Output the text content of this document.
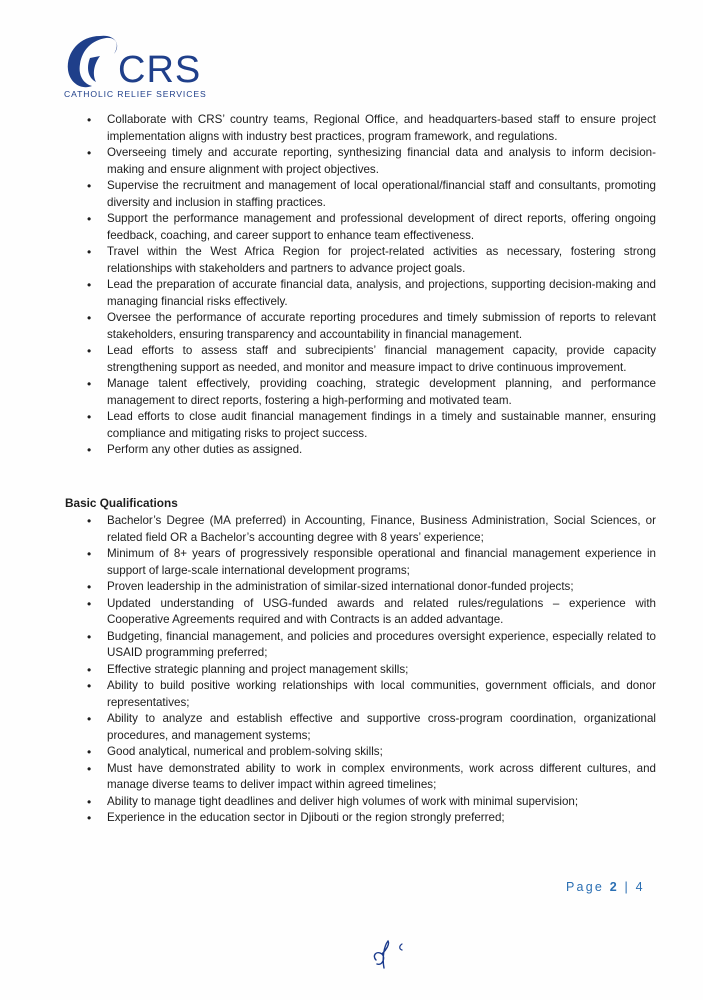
CRS
CATHOLIC RELIEF SERVICES
• Collaborate with CRS’ country teams, Regional Office, and headquarters-based staff to ensure project implementation aligns with industry best practices, program framework, and regulations.
• Overseeing timely and accurate reporting, synthesizing financial data and analysis to inform decision-making and ensure alignment with project objectives.
• Supervise the recruitment and management of local operational/financial staff and consultants, promoting diversity and inclusion in staffing practices.
• Support the performance management and professional development of direct reports, offering ongoing feedback, coaching, and career support to enhance team effectiveness.
• Travel within the West Africa Region for project-related activities as necessary, fostering strong relationships with stakeholders and partners to advance project goals.
• Lead the preparation of accurate financial data, analysis, and projections, supporting decision-making and managing financial risks effectively.
• Oversee the performance of accurate reporting procedures and timely submission of reports to relevant stakeholders, ensuring transparency and accountability in financial management.
• Lead efforts to assess staff and subrecipients’ financial management capacity, provide capacity strengthening support as needed, and monitor and measure impact to drive continuous improvement.
• Manage talent effectively, providing coaching, strategic development planning, and performance management to direct reports, fostering a high-performing and motivated team.
• Lead efforts to close audit financial management findings in a timely and sustainable manner, ensuring compliance and mitigating risks to project success.
• Perform any other duties as assigned.

Basic Qualifications

• Bachelor’s Degree (MA preferred) in Accounting, Finance, Business Administration, Social Sciences, or related field OR a Bachelor’s accounting degree with 8 years’ experience;
• Minimum of 8+ years of progressively responsible operational and financial management experience in support of large-scale international development programs;
• Proven leadership in the administration of similar-sized international donor-funded projects;
• Updated understanding of USG-funded awards and related rules/regulations – experience with Cooperative Agreements required and with Contracts is an added advantage.
• Budgeting, financial management, and policies and procedures oversight experience, especially related to USAID programming preferred;
• Effective strategic planning and project management skills;
• Ability to build positive working relationships with local communities, government officials, and donor representatives;
• Ability to analyze and establish effective and supportive cross-program coordination, organizational procedures, and management systems;
• Good analytical, numerical and problem-solving skills;
• Must have demonstrated ability to work in complex environments, work across different cultures, and manage diverse teams to deliver impact within agreed timelines;
• Ability to manage tight deadlines and deliver high volumes of work with minimal supervision;
• Experience in the education sector in Djibouti or the region strongly preferred;
Page 2 | 4
